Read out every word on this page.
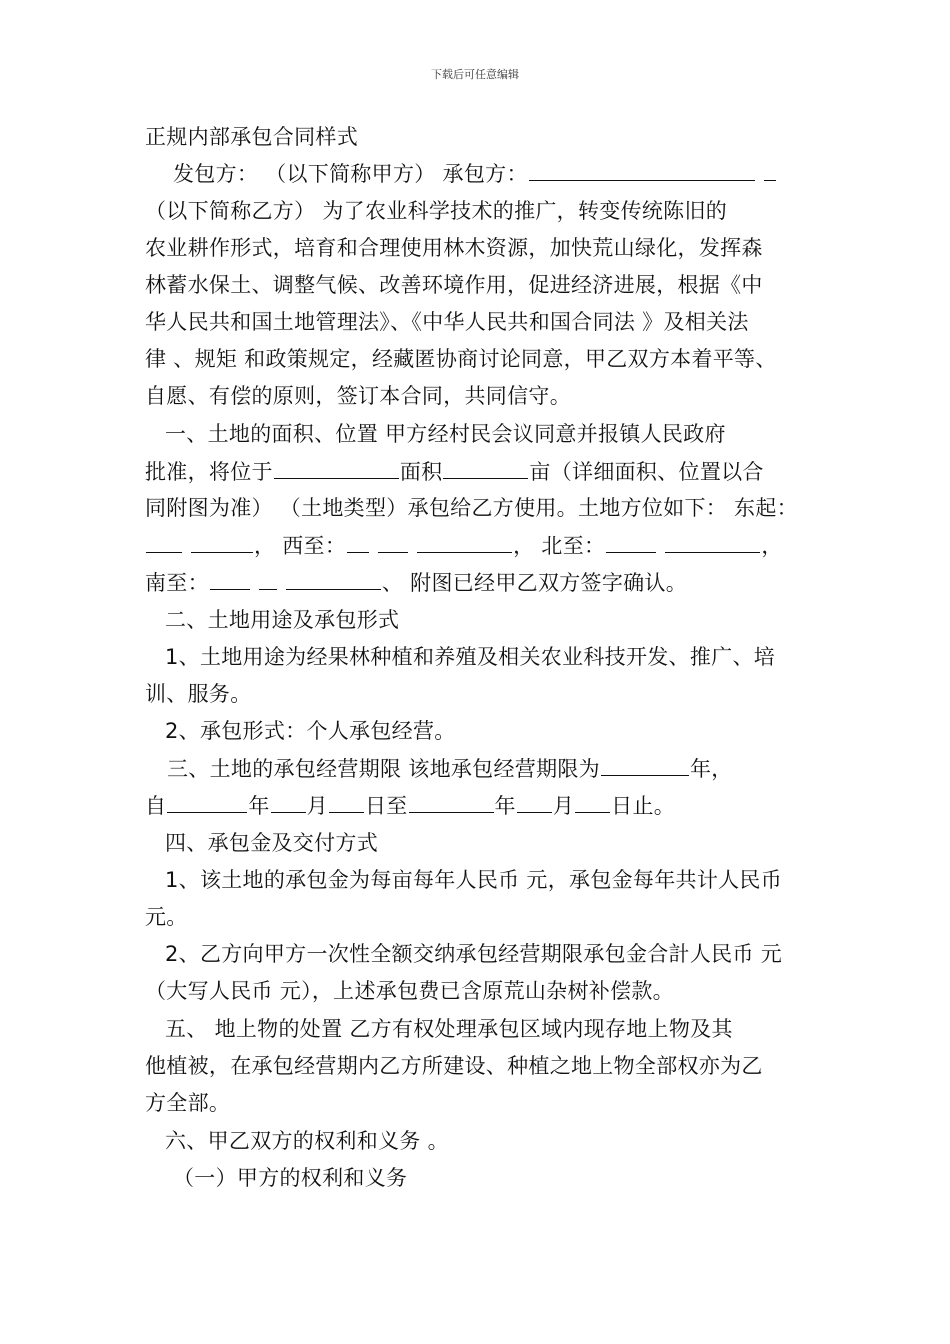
下载后可任意编辑
正规内部承包合同样式
发包方： （以下简称甲方） 承包方：
（以下简称乙方） 为了农业科学技术的推广，转变传统陈旧的
农业耕作形式，培育和合理使用林木资源，加快荒山绿化，发挥森
林蓄水保土、调整气候、改善环境作用，促进经济进展，根据《中
华人民共和国土地管理法》、《中华人民共和国合同法 》及相关法
律 、规矩 和政策规定，经藏匿协商讨论同意，甲乙双方本着平等、
自愿、有偿的原则，签订本合同，共同信守。
一、土地的面积、位置 甲方经村民会议同意并报镇人民政府
批准，将位于	面积	亩（详细面积、位置以合
同附图为准） （土地类型）承包给乙方使用。土地方位如下： 东起：
， 西至：	， 北至：	，
南至：	、 附图已经甲乙双方签字确认。
二、土地用途及承包形式
1、土地用途为经果林种植和养殖及相关农业科技开发、推广、培
训、服务。
2、承包形式：个人承包经营。
三、土地的承包经营期限 该地承包经营期限为	年，
自	年 月 日至	年 月 日止。
四、承包金及交付方式
1、该土地的承包金为每亩每年人民币 元，承包金每年共计人民币
元。
2、乙方向甲方一次性全额交纳承包经营期限承包金合計人民币 元
（大写人民币 元），上述承包费已含原荒山杂树补偿款。
五、 地上物的处置 乙方有权处理承包区域内现存地上物及其
他植被，在承包经营期内乙方所建设、种植之地上物全部权亦为乙
方全部。
六、甲乙双方的权利和义务 。
（一）甲方的权利和义务
